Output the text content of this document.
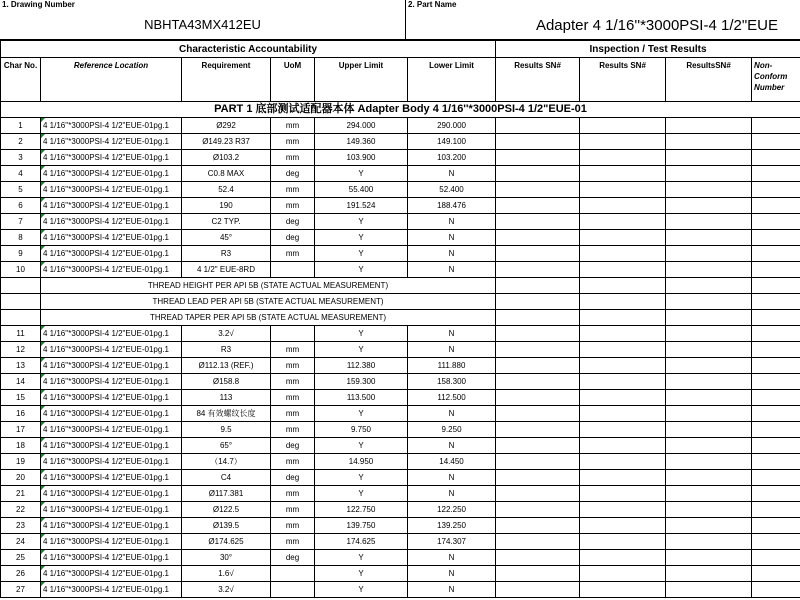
1. Drawing Number
NBHTA43MX412EU
2. Part Name
Adapter 4 1/16''*3000PSI-4 1/2"EUE
Characteristic Accountability						Inspection / Test Results			
Char No.	Reference Location	Requirement	UoM	Upper Limit	Lower Limit	Results SN#	Results SN#	ResultsSN#	Non-Conform Number
PART 1 底部测试适配器本体 Adapter Body 4 1/16''*3000PSI-4 1/2"EUE-01									
1	4 1/16''*3000PSI-4 1/2"EUE-01pg.1	Ø292	mm	294.000	290.000				
2	4 1/16''*3000PSI-4 1/2"EUE-01pg.1	Ø149.23 R37	mm	149.360	149.100				
3	4 1/16''*3000PSI-4 1/2"EUE-01pg.1	Ø103.2	mm	103.900	103.200				
4	4 1/16''*3000PSI-4 1/2"EUE-01pg.1	C0.8 MAX	deg	Y	N				
5	4 1/16''*3000PSI-4 1/2"EUE-01pg.1	52.4	mm	55.400	52.400				
6	4 1/16''*3000PSI-4 1/2"EUE-01pg.1	190	mm	191.524	188.476				
7	4 1/16''*3000PSI-4 1/2"EUE-01pg.1	C2 TYP.	deg	Y	N				
8	4 1/16''*3000PSI-4 1/2"EUE-01pg.1	45°	deg	Y	N				
9	4 1/16''*3000PSI-4 1/2"EUE-01pg.1	R3	mm	Y	N				
10	4 1/16''*3000PSI-4 1/2"EUE-01pg.1	4 1/2" EUE-8RD		Y	N				
	THREAD HEIGHT PER API 5B (STATE ACTUAL MEASUREMENT)								
	THREAD LEAD PER API 5B (STATE ACTUAL MEASUREMENT)								
	THREAD TAPER PER API 5B (STATE ACTUAL MEASUREMENT)								
11	4 1/16''*3000PSI-4 1/2"EUE-01pg.1	3.2√		Y	N				
12	4 1/16''*3000PSI-4 1/2"EUE-01pg.1	R3	mm	Y	N				
13	4 1/16''*3000PSI-4 1/2"EUE-01pg.1	Ø112.13 (REF.)	mm	112.380	111.880				
14	4 1/16''*3000PSI-4 1/2"EUE-01pg.1	Ø158.8	mm	159.300	158.300				
15	4 1/16''*3000PSI-4 1/2"EUE-01pg.1	113	mm	113.500	112.500				
16	4 1/16''*3000PSI-4 1/2"EUE-01pg.1	84 有效螺纹长度	mm	Y	N				
17	4 1/16''*3000PSI-4 1/2"EUE-01pg.1	9.5	mm	9.750	9.250				
18	4 1/16''*3000PSI-4 1/2"EUE-01pg.1	65°	deg	Y	N				
19	4 1/16''*3000PSI-4 1/2"EUE-01pg.1	（14.7）	mm	14.950	14.450				
20	4 1/16''*3000PSI-4 1/2"EUE-01pg.1	C4	deg	Y	N				
21	4 1/16''*3000PSI-4 1/2"EUE-01pg.1	Ø117.381	mm	Y	N				
22	4 1/16''*3000PSI-4 1/2"EUE-01pg.1	Ø122.5	mm	122.750	122.250				
23	4 1/16''*3000PSI-4 1/2"EUE-01pg.1	Ø139.5	mm	139.750	139.250				
24	4 1/16''*3000PSI-4 1/2"EUE-01pg.1	Ø174.625	mm	174.625	174.307				
25	4 1/16''*3000PSI-4 1/2"EUE-01pg.1	30°	deg	Y	N				
26	4 1/16''*3000PSI-4 1/2"EUE-01pg.1	1.6√		Y	N				
27	4 1/16''*3000PSI-4 1/2"EUE-01pg.1	3.2√		Y	N				
